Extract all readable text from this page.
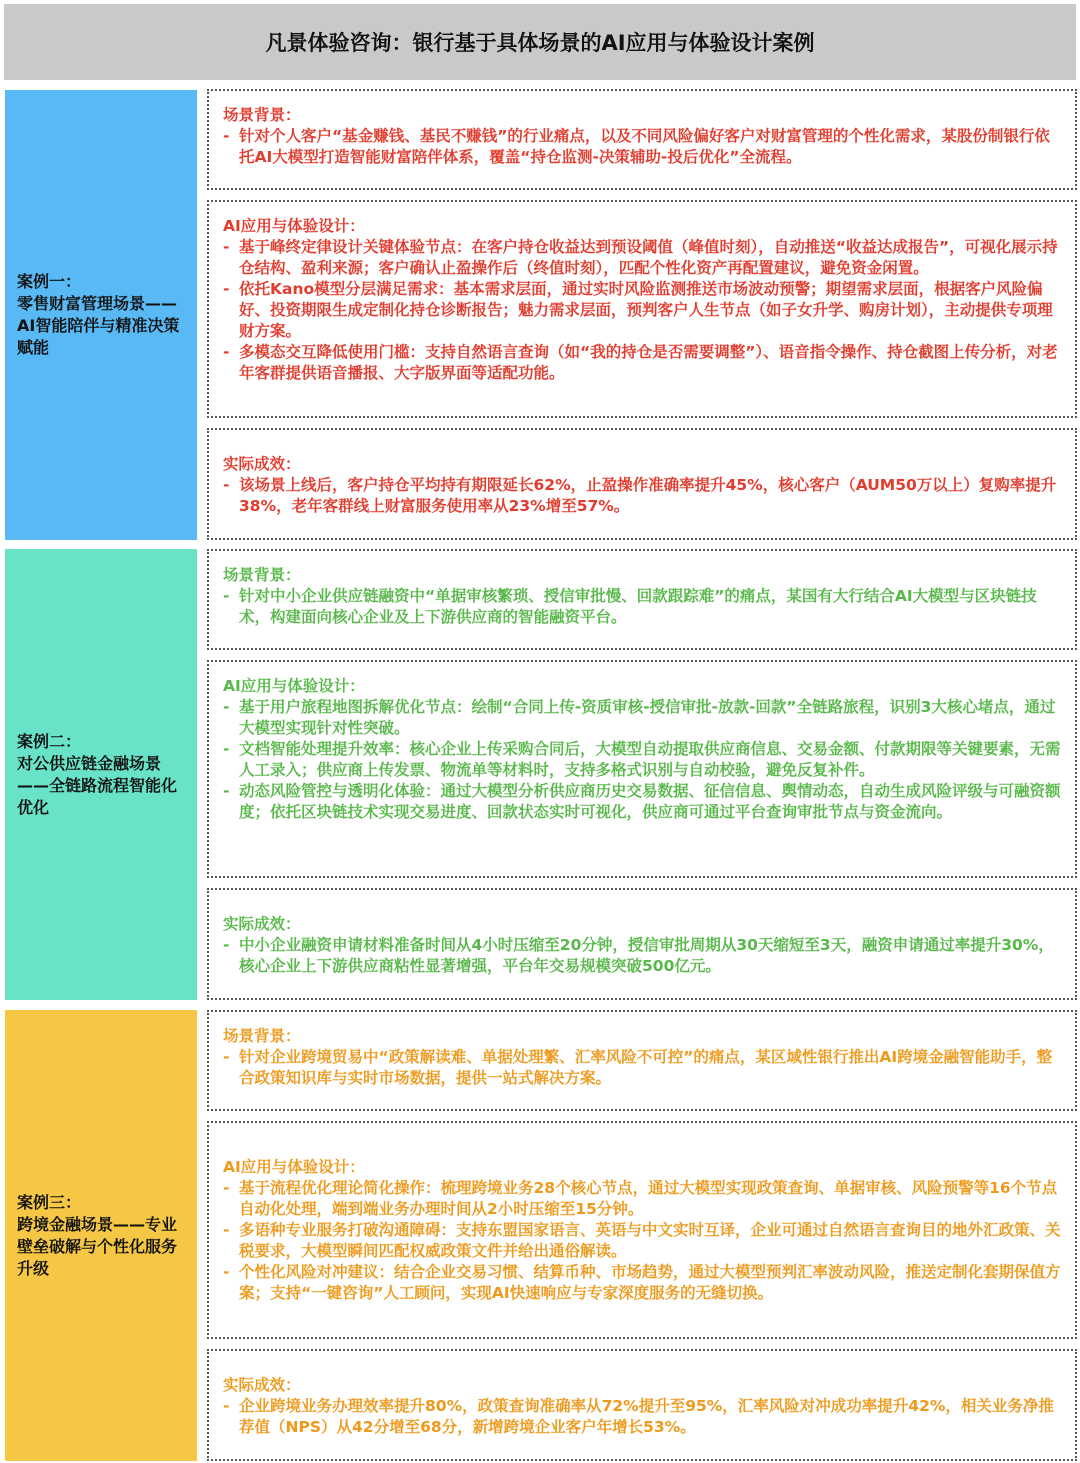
凡景体验咨询：银行基于具体场景的AI应用与体验设计案例
案例一：
零售财富管理场景——AI智能陪伴与精准决策赋能
场景背景：
- 针对个人客户“基金赚钱、基民不赚钱”的行业痛点，以及不同风险偏好客户对财富管理的个性化需求，某股份制银行依托AI大模型打造智能财富陪伴体系，覆盖“持仓监测-决策辅助-投后优化”全流程。
AI应用与体验设计：
- 基于峰终定律设计关键体验节点：在客户持仓收益达到预设阈值（峰值时刻），自动推送“收益达成报告”，可视化展示持仓结构、盈利来源；客户确认止盈操作后（终值时刻），匹配个性化资产再配置建议，避免资金闲置。
- 依托Kano模型分层满足需求：基本需求层面，通过实时风险监测推送市场波动预警；期望需求层面，根据客户风险偏好、投资期限生成定制化持仓诊断报告；魅力需求层面，预判客户人生节点（如子女升学、购房计划），主动提供专项理财方案。
- 多模态交互降低使用门槛：支持自然语言查询（如“我的持仓是否需要调整”）、语音指令操作、持仓截图上传分析，对老年客群提供语音播报、大字版界面等适配功能。
实际成效：
- 该场景上线后，客户持仓平均持有期限延长62%，止盈操作准确率提升45%，核心客户（AUM50万以上）复购率提升38%，老年客群线上财富服务使用率从23%增至57%。
案例二：
对公供应链金融场景——全链路流程智能化优化
场景背景：
- 针对中小企业供应链融资中“单据审核繁琐、授信审批慢、回款跟踪难”的痛点，某国有大行结合AI大模型与区块链技术，构建面向核心企业及上下游供应商的智能融资平台。
AI应用与体验设计：
- 基于用户旅程地图拆解优化节点：绘制“合同上传-资质审核-授信审批-放款-回款”全链路旅程，识别3大核心堵点，通过大模型实现针对性突破。
- 文档智能处理提升效率：核心企业上传采购合同后，大模型自动提取供应商信息、交易金额、付款期限等关键要素，无需人工录入；供应商上传发票、物流单等材料时，支持多格式识别与自动校验，避免反复补件。
- 动态风险管控与透明化体验：通过大模型分析供应商历史交易数据、征信信息、舆情动态，自动生成风险评级与可融资额度；依托区块链技术实现交易进度、回款状态实时可视化，供应商可通过平台查询审批节点与资金流向。
实际成效：
- 中小企业融资申请材料准备时间从4小时压缩至20分钟，授信审批周期从30天缩短至3天，融资申请通过率提升30%，核心企业上下游供应商粘性显著增强，平台年交易规模突破500亿元。
案例三：
跨境金融场景——专业壁垒破解与个性化服务升级
场景背景：
- 针对企业跨境贸易中“政策解读难、单据处理繁、汇率风险不可控”的痛点，某区域性银行推出AI跨境金融智能助手，整合政策知识库与实时市场数据，提供一站式解决方案。
AI应用与体验设计：
- 基于流程优化理论简化操作：梳理跨境业务28个核心节点，通过大模型实现政策查询、单据审核、风险预警等16个节点自动化处理，端到端业务办理时间从2小时压缩至15分钟。
- 多语种专业服务打破沟通障碍：支持东盟国家语言、英语与中文实时互译，企业可通过自然语言查询目的地外汇政策、关税要求，大模型瞬间匹配权威政策文件并给出通俗解读。
- 个性化风险对冲建议：结合企业交易习惯、结算币种、市场趋势，通过大模型预判汇率波动风险，推送定制化套期保值方案；支持“一键咨询”人工顾问，实现AI快速响应与专家深度服务的无缝切换。
实际成效：
- 企业跨境业务办理效率提升80%，政策查询准确率从72%提升至95%，汇率风险对冲成功率提升42%，相关业务净推荐值（NPS）从42分增至68分，新增跨境企业客户年增长53%。
